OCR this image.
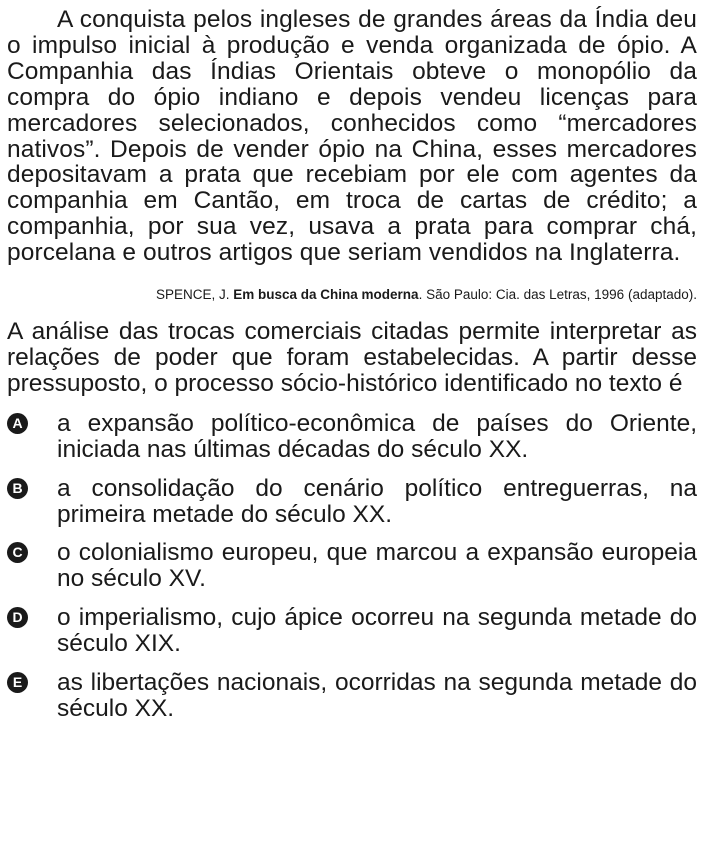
A conquista pelos ingleses de grandes áreas da Índia deu o impulso inicial à produção e venda organizada de ópio. A Companhia das Índias Orientais obteve o monopólio da compra do ópio indiano e depois vendeu licenças para mercadores selecionados, conhecidos como “mercadores nativos”. Depois de vender ópio na China, esses mercadores depositavam a prata que recebiam por ele com agentes da companhia em Cantão, em troca de cartas de crédito; a companhia, por sua vez, usava a prata para comprar chá, porcelana e outros artigos que seriam vendidos na Inglaterra.

SPENCE, J. Em busca da China moderna. São Paulo: Cia. das Letras, 1996 (adaptado).

A análise das trocas comerciais citadas permite interpretar as relações de poder que foram estabelecidas. A partir desse pressuposto, o processo sócio-histórico identificado no texto é

A a expansão político-econômica de países do Oriente, iniciada nas últimas décadas do século XX.
B a consolidação do cenário político entreguerras, na primeira metade do século XX.
C o colonialismo europeu, que marcou a expansão europeia no século XV.
D o imperialismo, cujo ápice ocorreu na segunda metade do século XIX.
E as libertações nacionais, ocorridas na segunda metade do século XX.
